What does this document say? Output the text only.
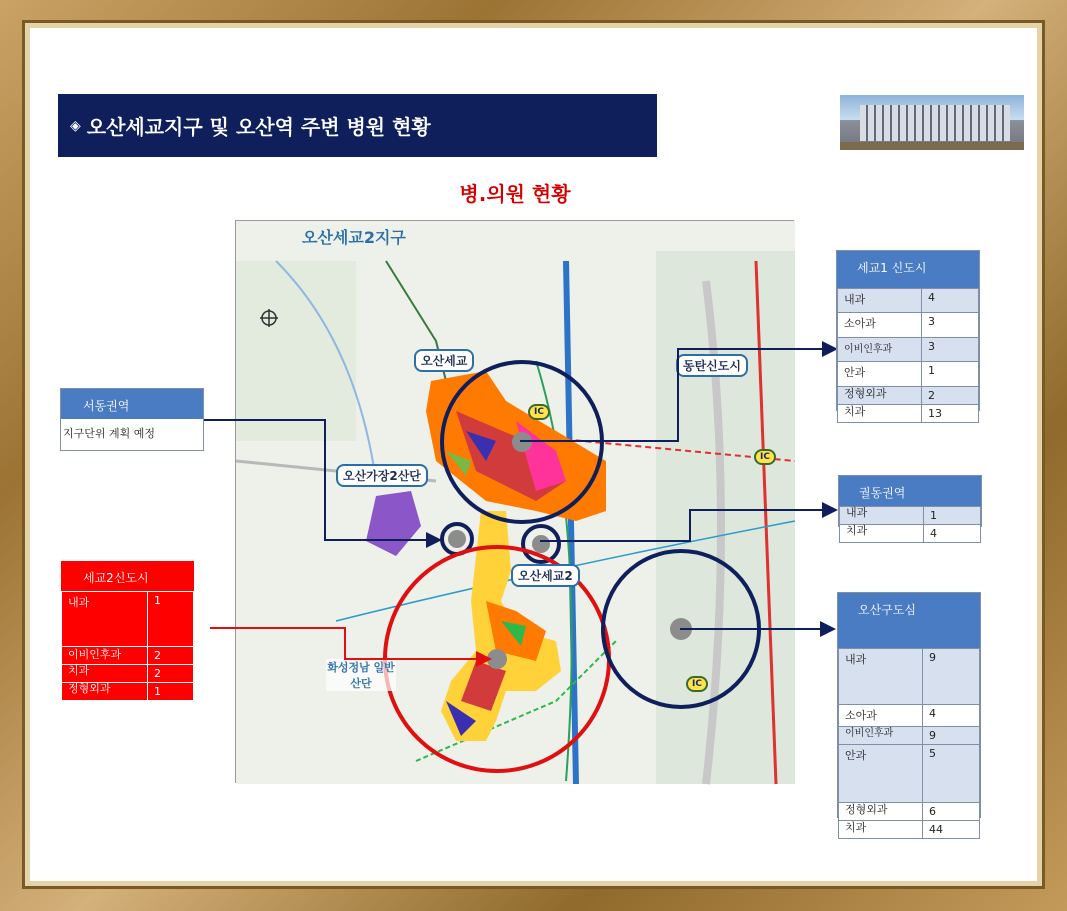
◈ 오산세교지구 및 오산역 주변 병원 현황
병.의원 현황
오산세교2지구
오산세교
오산가장2산단
오산세교2
동탄신도시
화성정남 일반산단
IC
IC
IC
서동권역
지구단위 계획 예정
세교1 신도시
내과	4
소아과	3
이비인후과	3
안과	1
정형외과	2
치과	13
궐동권역
내과	1
치과	4
오산구도심
내과	9
소아과	4
이비인후과	9
안과	5
정형외과	6
치과	44
세교2신도시
내과	1
이비인후과	2
치과	2
정형외과	1
